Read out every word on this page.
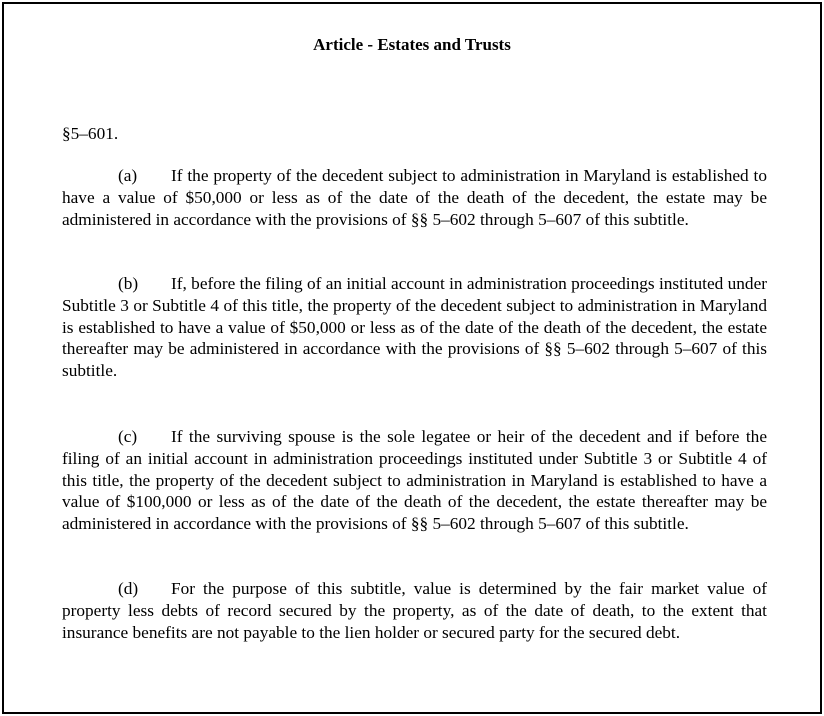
Article - Estates and Trusts
§5–601.

(a) If the property of the decedent subject to administration in Maryland is established to have a value of $50,000 or less as of the date of the death of the decedent, the estate may be administered in accordance with the provisions of §§ 5–602 through 5–607 of this subtitle.

(b) If, before the filing of an initial account in administration proceedings instituted under Subtitle 3 or Subtitle 4 of this title, the property of the decedent subject to administration in Maryland is established to have a value of $50,000 or less as of the date of the death of the decedent, the estate thereafter may be administered in accordance with the provisions of §§ 5–602 through 5–607 of this subtitle.

(c) If the surviving spouse is the sole legatee or heir of the decedent and if before the filing of an initial account in administration proceedings instituted under Subtitle 3 or Subtitle 4 of this title, the property of the decedent subject to administration in Maryland is established to have a value of $100,000 or less as of the date of the death of the decedent, the estate thereafter may be administered in accordance with the provisions of §§ 5–602 through 5–607 of this subtitle.

(d) For the purpose of this subtitle, value is determined by the fair market value of property less debts of record secured by the property, as of the date of death, to the extent that insurance benefits are not payable to the lien holder or secured party for the secured debt.
